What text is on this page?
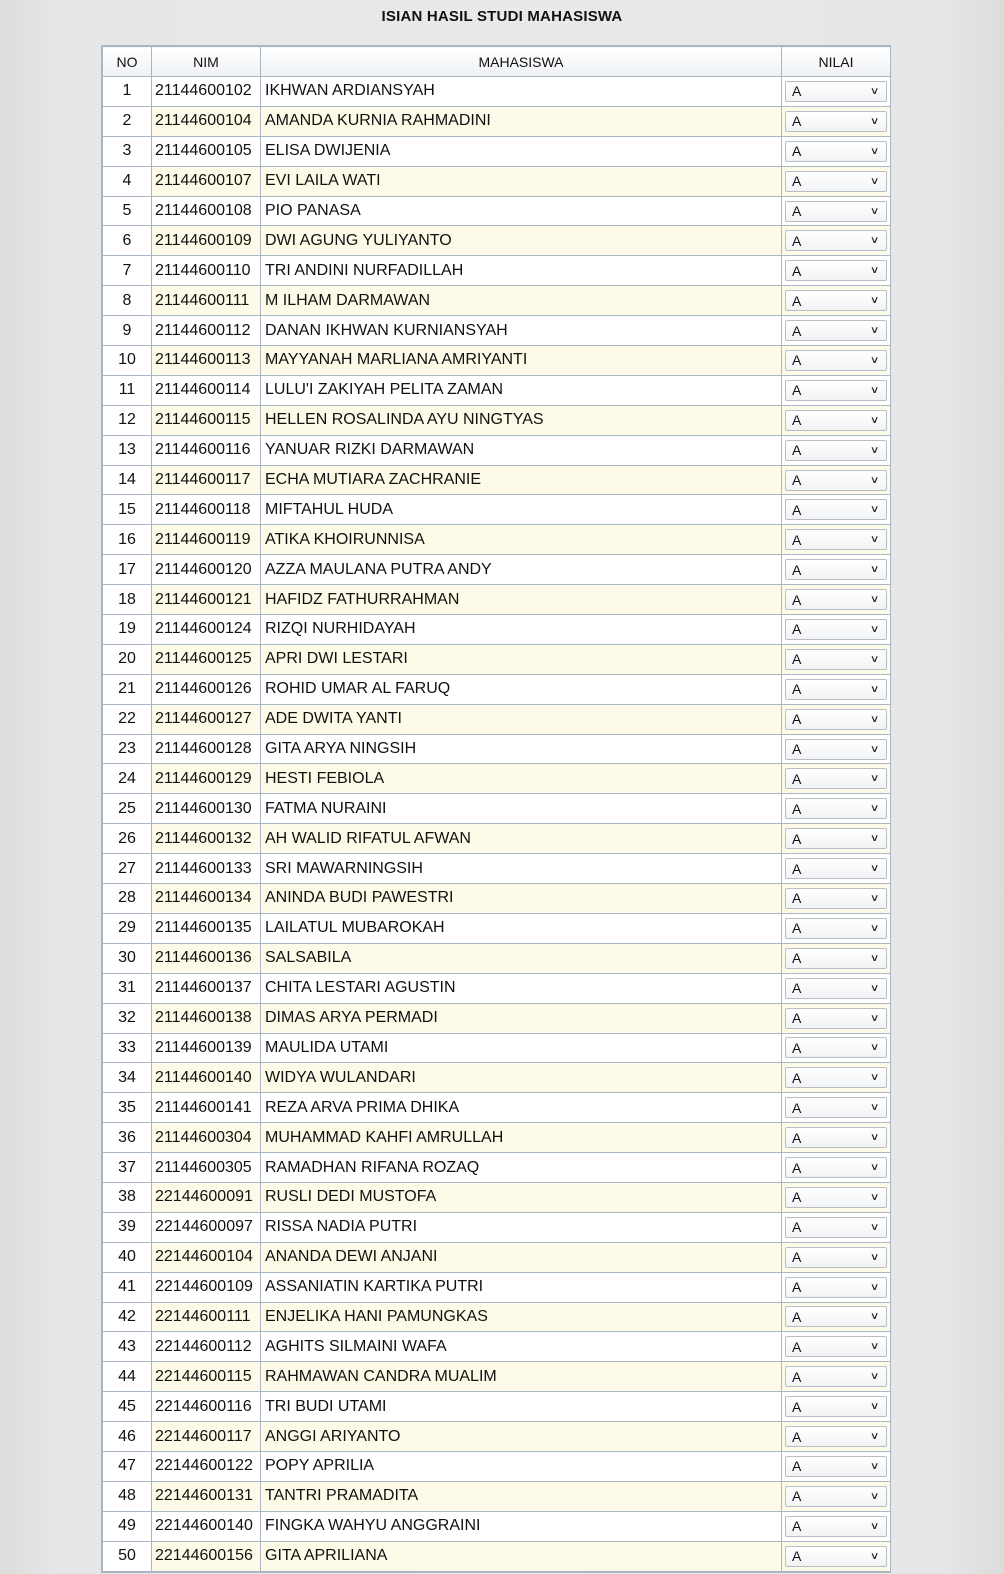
ISIAN HASIL STUDI MAHASISWA
NO	NIM	MAHASISWA	NILAI
1	21144600102	IKHWAN ARDIANSYAH	A ∨

2	21144600104	AMANDA KURNIA RAHMADINI	A ∨

3	21144600105	ELISA DWIJENIA	A ∨

4	21144600107	EVI LAILA WATI	A ∨

5	21144600108	PIO PANASA	A ∨

6	21144600109	DWI AGUNG YULIYANTO	A ∨

7	21144600110	TRI ANDINI NURFADILLAH	A ∨

8	21144600111	M ILHAM DARMAWAN	A ∨

9	21144600112	DANAN IKHWAN KURNIANSYAH	A ∨

10	21144600113	MAYYANAH MARLIANA AMRIYANTI	A ∨

11	21144600114	LULU'I ZAKIYAH PELITA ZAMAN	A ∨

12	21144600115	HELLEN ROSALINDA AYU NINGTYAS	A ∨

13	21144600116	YANUAR RIZKI DARMAWAN	A ∨

14	21144600117	ECHA MUTIARA ZACHRANIE	A ∨

15	21144600118	MIFTAHUL HUDA	A ∨

16	21144600119	ATIKA KHOIRUNNISA	A ∨

17	21144600120	AZZA MAULANA PUTRA ANDY	A ∨

18	21144600121	HAFIDZ FATHURRAHMAN	A ∨

19	21144600124	RIZQI NURHIDAYAH	A ∨

20	21144600125	APRI DWI LESTARI	A ∨

21	21144600126	ROHID UMAR AL FARUQ	A ∨

22	21144600127	ADE DWITA YANTI	A ∨

23	21144600128	GITA ARYA NINGSIH	A ∨

24	21144600129	HESTI FEBIOLA	A ∨

25	21144600130	FATMA NURAINI	A ∨

26	21144600132	AH WALID RIFATUL AFWAN	A ∨

27	21144600133	SRI MAWARNINGSIH	A ∨

28	21144600134	ANINDA BUDI PAWESTRI	A ∨

29	21144600135	LAILATUL MUBAROKAH	A ∨

30	21144600136	SALSABILA	A ∨

31	21144600137	CHITA LESTARI AGUSTIN	A ∨

32	21144600138	DIMAS ARYA PERMADI	A ∨

33	21144600139	MAULIDA UTAMI	A ∨

34	21144600140	WIDYA WULANDARI	A ∨

35	21144600141	REZA ARVA PRIMA DHIKA	A ∨

36	21144600304	MUHAMMAD KAHFI AMRULLAH	A ∨

37	21144600305	RAMADHAN RIFANA ROZAQ	A ∨

38	22144600091	RUSLI DEDI MUSTOFA	A ∨

39	22144600097	RISSA NADIA PUTRI	A ∨

40	22144600104	ANANDA DEWI ANJANI	A ∨

41	22144600109	ASSANIATIN KARTIKA PUTRI	A ∨

42	22144600111	ENJELIKA HANI PAMUNGKAS	A ∨

43	22144600112	AGHITS SILMAINI WAFA	A ∨

44	22144600115	RAHMAWAN CANDRA MUALIM	A ∨

45	22144600116	TRI BUDI UTAMI	A ∨

46	22144600117	ANGGI ARIYANTO	A ∨

47	22144600122	POPY APRILIA	A ∨

48	22144600131	TANTRI PRAMADITA	A ∨

49	22144600140	FINGKA WAHYU ANGGRAINI	A ∨

50	22144600156	GITA APRILIANA	A ∨
